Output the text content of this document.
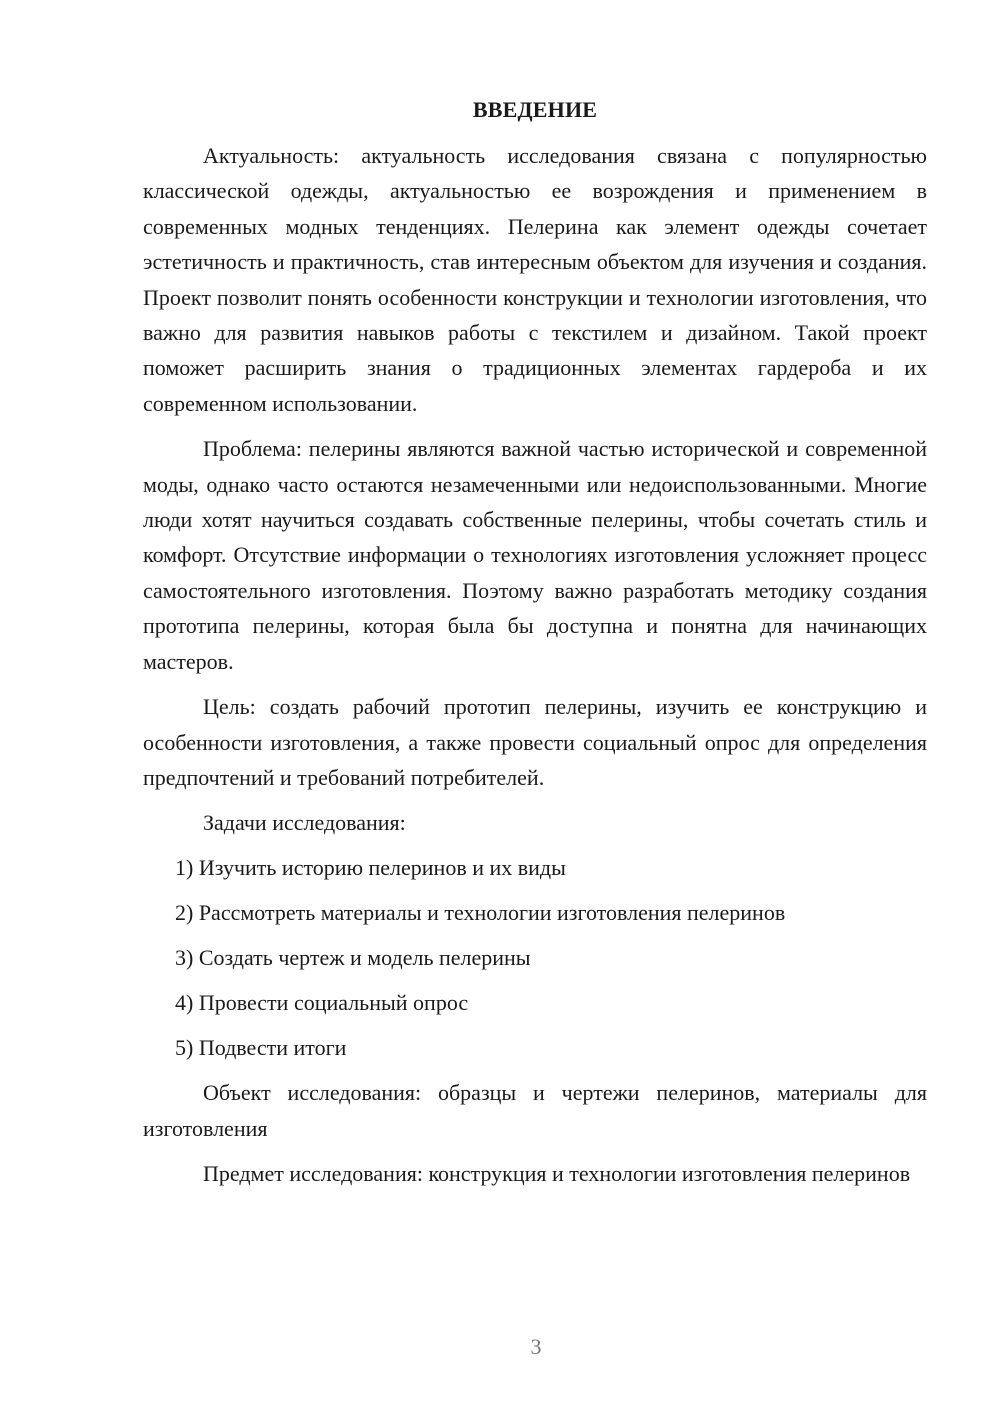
ВВЕДЕНИЕ

Актуальность: актуальность исследования связана с популярностью классической одежды, актуальностью ее возрождения и применением в современных модных тенденциях. Пелерина как элемент одежды сочетает эстетичность и практичность, став интересным объектом для изучения и создания. Проект позволит понять особенности конструкции и технологии изготовления, что важно для развития навыков работы с текстилем и дизайном. Такой проект поможет расширить знания о традиционных элементах гардероба и их современном использовании.

Проблема: пелерины являются важной частью исторической и современной моды, однако часто остаются незамеченными или недоиспользованными. Многие люди хотят научиться создавать собственные пелерины, чтобы сочетать стиль и комфорт. Отсутствие информации о технологиях изготовления усложняет процесс самостоятельного изготовления. Поэтому важно разработать методику создания прототипа пелерины, которая была бы доступна и понятна для начинающих мастеров.

Цель: создать рабочий прототип пелерины, изучить ее конструкцию и особенности изготовления, а также провести социальный опрос для определения предпочтений и требований потребителей.

Задачи исследования:
1) Изучить историю пелеринов и их виды
2) Рассмотреть материалы и технологии изготовления пелеринов
3) Создать чертеж и модель пелерины
4) Провести социальный опрос
5) Подвести итоги

Объект исследования: образцы и чертежи пелеринов, материалы для изготовления

Предмет исследования: конструкция и технологии изготовления пелеринов

3
